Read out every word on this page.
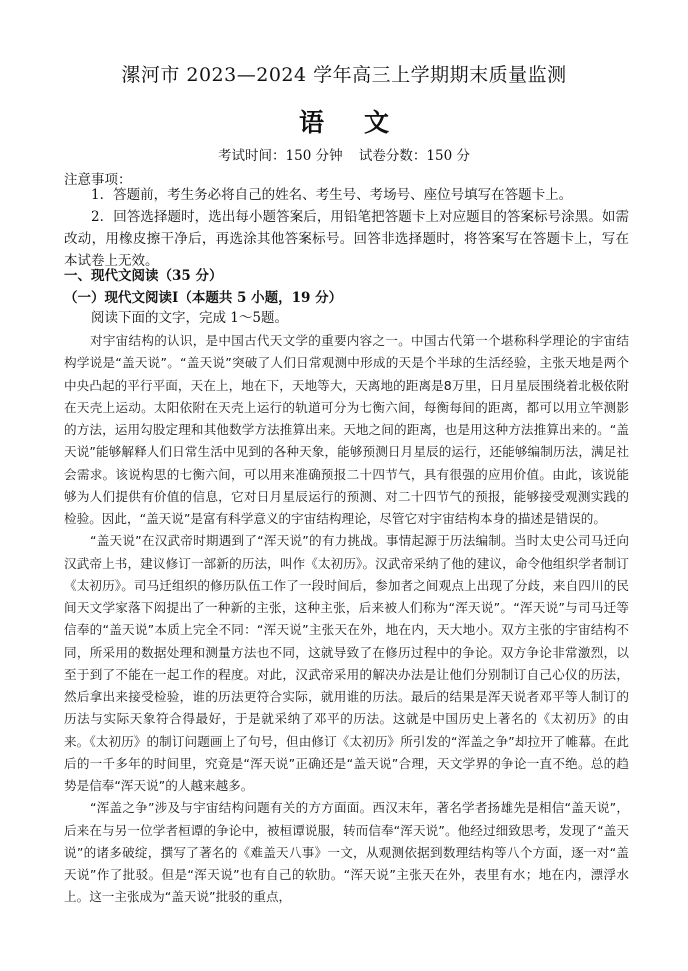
漯河市 2023—2024 学年高三上学期期末质量监测
语文
考试时间：150 分钟 试卷分数：150 分
注意事项：
1．答题前，考生务必将自己的姓名、考生号、考场号、座位号填写在答题卡上。
2．回答选择题时，选出每小题答案后，用铅笔把答题卡上对应题目的答案标号涂黑。如需改动，用橡皮擦干净后，再选涂其他答案标号。回答非选择题时，将答案写在答题卡上，写在本试卷上无效。
一、现代文阅读（35 分）
（一）现代文阅读Ⅰ（本题共 5 小题，19 分）
阅读下面的文字，完成 1～5题。

对宇宙结构的认识，是中国古代天文学的重要内容之一。中国古代第一个堪称科学理论的宇宙结构学说是“盖天说”。“盖天说”突破了人们日常观测中形成的天是个半球的生活经验，主张天地是两个中央凸起的平行平面，天在上，地在下，天地等大，天离地的距离是8万里，日月星辰围绕着北极依附在天壳上运动。太阳依附在天壳上运行的轨道可分为七衡六间，每衡每间的距离，都可以用立竿测影的方法，运用勾股定理和其他数学方法推算出来。天地之间的距离，也是用这种方法推算出来的。“盖天说”能够解释人们日常生活中见到的各种天象，能够预测日月星辰的运行，还能够编制历法，满足社会需求。该说构思的七衡六间，可以用来准确预报二十四节气，具有很强的应用价值。由此，该说能够为人们提供有价值的信息，它对日月星辰运行的预测、对二十四节气的预报，能够接受观测实践的检验。因此，“盖天说”是富有科学意义的宇宙结构理论，尽管它对宇宙结构本身的描述是错误的。

“盖天说”在汉武帝时期遇到了“浑天说”的有力挑战。事情起源于历法编制。当时太史公司马迁向汉武帝上书，建议修订一部新的历法，叫作《太初历》。汉武帝采纳了他的建议，命令他组织学者制订《太初历》。司马迁组织的修历队伍工作了一段时间后，参加者之间观点上出现了分歧，来自四川的民间天文学家落下闳提出了一种新的主张，这种主张，后来被人们称为“浑天说”。“浑天说”与司马迁等信奉的“盖天说”本质上完全不同：“浑天说”主张天在外，地在内，天大地小。双方主张的宇宙结构不同，所采用的数据处理和测量方法也不同，这就导致了在修历过程中的争论。双方争论非常激烈，以至于到了不能在一起工作的程度。对此，汉武帝采用的解决办法是让他们分别制订自己心仪的历法，然后拿出来接受检验，谁的历法更符合实际，就用谁的历法。最后的结果是浑天说者邓平等人制订的历法与实际天象符合得最好，于是就采纳了邓平的历法。这就是中国历史上著名的《太初历》的由来。《太初历》的制订问题画上了句号，但由修订《太初历》所引发的“浑盖之争”却拉开了帷幕。在此后的一千多年的时间里，究竟是“浑天说”正确还是“盖天说”合理，天文学界的争论一直不绝。总的趋势是信奉“浑天说”的人越来越多。

“浑盖之争”涉及与宇宙结构问题有关的方方面面。西汉末年，著名学者扬雄先是相信“盖天说”，后来在与另一位学者桓谭的争论中，被桓谭说服，转而信奉“浑天说”。他经过细致思考，发现了“盖天说”的诸多破绽，撰写了著名的《难盖天八事》一文，从观测依据到数理结构等八个方面，逐一对“盖天说”作了批驳。但是“浑天说”也有自己的软肋。“浑天说”主张天在外，表里有水；地在内，漂浮水上。这一主张成为“盖天说”批驳的重点，
